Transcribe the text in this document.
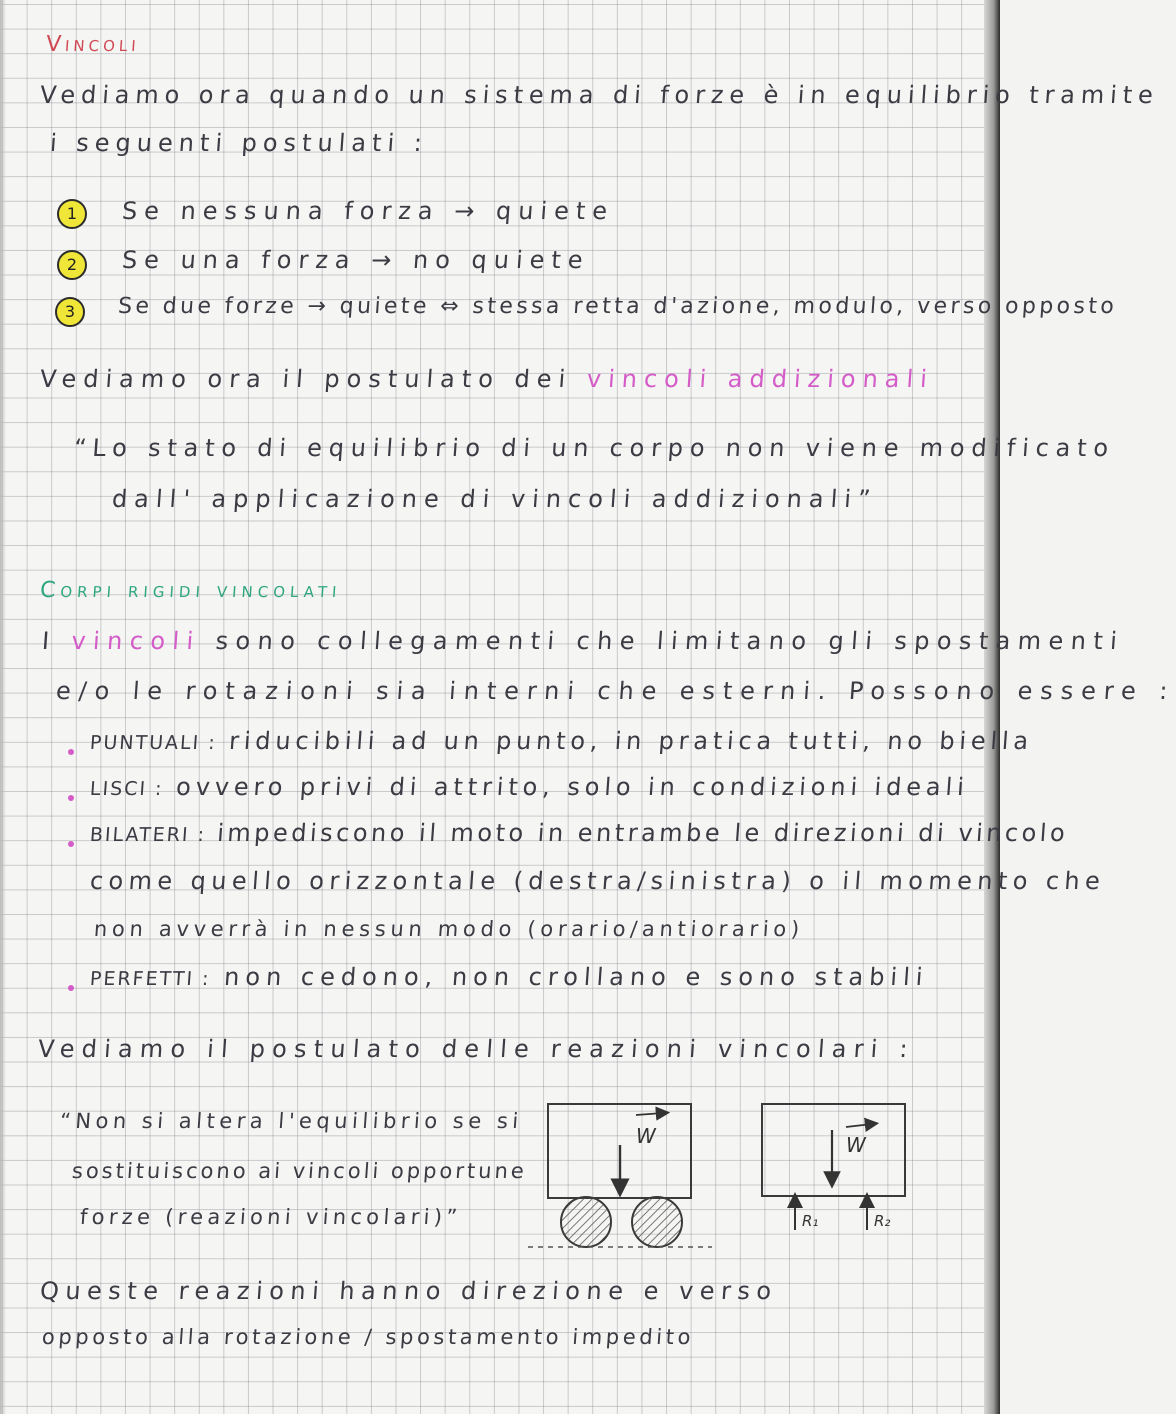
Vincoli
Vediamo ora quando un sistema di forze è in equilibrio tramite
i seguenti postulati :
1	Se nessuna forza → quiete
2	Se una forza → no quiete
3	Se due forze → quiete ⇔ stessa retta d'azione, modulo, verso opposto
Vediamo ora il postulato dei vincoli addizionali
“Lo stato di equilibrio di un corpo non viene modificato
dall' applicazione di vincoli addizionali”
Corpi rigidi vincolati
I vincoli sono collegamenti che limitano gli spostamenti
e/o le rotazioni sia interni che esterni. Possono essere :
PUNTUALI : riducibili ad un punto, in pratica tutti, no biella
LISCI : ovvero privi di attrito, solo in condizioni ideali
BILATERI : impediscono il moto in entrambe le direzioni di vincolo
come quello orizzontale (destra/sinistra) o il momento che
non avverrà in nessun modo (orario/antiorario)
PERFETTI : non cedono, non crollano e sono stabili
Vediamo il postulato delle reazioni vincolari :
“Non si altera l'equilibrio se si
sostituiscono ai vincoli opportune
forze (reazioni vincolari)”
W	W
R₁	R₂
Queste reazioni hanno direzione e verso
opposto alla rotazione / spostamento impedito
